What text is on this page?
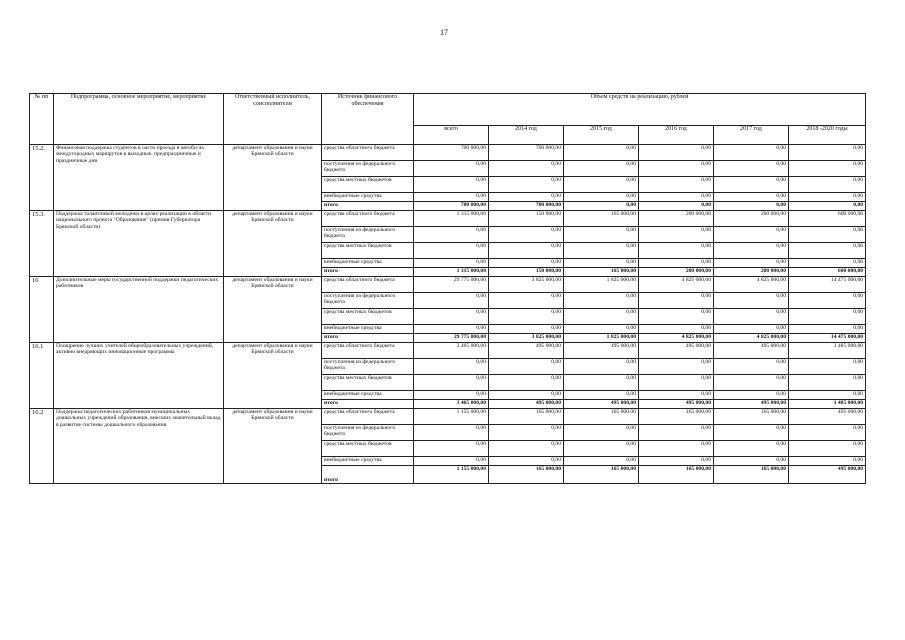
17
№ пп	Подпрограмма, основное мероприятие, мероприятие	Ответственный исполнитель, соисполнители	Источник финансового обеспечения	Объем средств на реализацию, рублей					
				всего	2014 год	2015 год	2016 год	2017 год	2018 -2020 годы
15.2.	Финансовая поддержка студентов в части проезда в автобусах междугородных маршрутов в выходные, предпраздничные и праздничные дни	департамент образования и науки Брянской области	средства областного бюджета	700 000,00	700 000,00	0,00	0,00	0,00	0,00
			поступления из федерального бюджета	0,00	0,00	0,00	0,00	0,00	0,00
			средства местных бюджетов	0,00	0,00	0,00	0,00	0,00	0,00
			внебюджетные средства	0,00	0,00	0,00	0,00	0,00	0,00
			итого	700 000,00	700 000,00	0,00	0,00	0,00	0,00
15.3.	Поддержка талантливой молодежи в целях реализации в области национального проекта "Образование" (премия Губернатора Брянской области)	департамент образования и науки Брянской области	средства областного бюджета	1 315 000,00	150 000,00	165 000,00	200 000,00	200 000,00	600 000,00
			поступления из федерального бюджета	0,00	0,00	0,00	0,00	0,00	0,00
			средства местных бюджетов	0,00	0,00	0,00	0,00	0,00	0,00
			внебюджетные средства	0,00	0,00	0,00	0,00	0,00	0,00
			итого	1 315 000,00	150 000,00	165 000,00	200 000,00	200 000,00	600 000,00
16	Дополнительные меры государственной поддержки педагогических работников	департамент образования и науки Брянской области	средства областного бюджета	29 775 000,00	3 825 000,00	1 825 000,00	4 825 000,00	4 825 000,00	14 475 000,00
			поступления из федерального бюджета	0,00	0,00	0,00	0,00	0,00	0,00
			средства местных бюджетов	0,00	0,00	0,00	0,00	0,00	0,00
			внебюджетные средства	0,00	0,00	0,00	0,00	0,00	0,00
			итого	29 775 000,00	3 825 000,00	1 825 000,00	4 825 000,00	4 825 000,00	14 475 000,00
16.1	Поощрение лучших учителей общеобразовательных учреждений, активно внедряющих инновационные программы	департамент образования и науки Брянской области	средства областного бюджета	3 465 000,00	495 000,00	495 000,00	495 000,00	495 000,00	1 485 000,00
			поступления из федерального бюджета	0,00	0,00	0,00	0,00	0,00	0,00
			средства местных бюджетов	0,00	0,00	0,00	0,00	0,00	0,00
			внебюджетные средства	0,00	0,00	0,00	0,00	0,00	0,00
			итого	3 465 000,00	495 000,00	495 000,00	495 000,00	495 000,00	1 485 000,00
16.2	Поддержка педагогических работников муниципальных дошкольных учреждений образования, внесших значительный вклад в развитие системы дошкольного образования	департамент образования и науки Брянской области	средства областного бюджета	1 155 000,00	165 000,00	165 000,00	165 000,00	165 000,00	495 000,00
			поступления из федерального бюджета	0,00	0,00	0,00	0,00	0,00	0,00
			средства местных бюджетов	0,00	0,00	0,00	0,00	0,00	0,00
			внебюджетные средства	0,00	0,00	0,00	0,00	0,00	0,00
			итого	1 155 000,00	165 000,00	165 000,00	165 000,00	165 000,00	495 000,00
